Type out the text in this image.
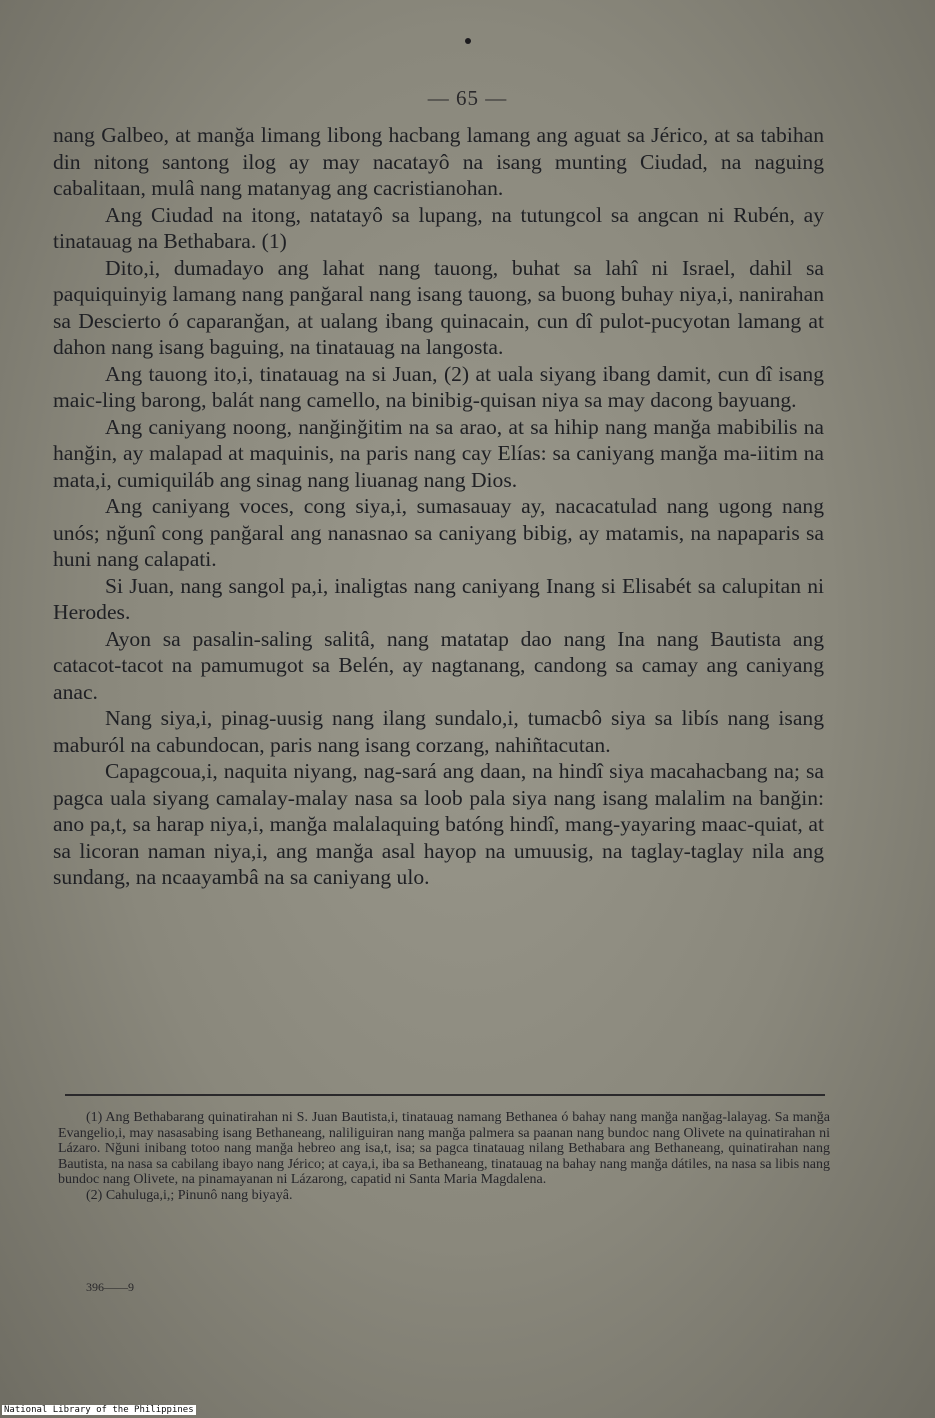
— 65 —

nang Galbeo, at manğa limang libong hacbang lamang ang aguat sa Jérico, at sa tabihan din nitong santong ilog ay may nacatayô na isang munting Ciudad, na naguing cabalitaan, mulâ nang matanyag ang cacristianohan.

Ang Ciudad na itong, natatayô sa lupang, na tutungcol sa angcan ni Rubén, ay tinatauag na Bethabara. (1)

Dito,i, dumadayo ang lahat nang tauong, buhat sa lahî ni Israel, dahil sa paquiquinyig lamang nang panğaral nang isang tauong, sa buong buhay niya,i, nanirahan sa Descierto ó caparanğan, at ualang ibang quinacain, cun dî pulot-pucyotan lamang at dahon nang isang baguing, na tinatauag na langosta.

Ang tauong ito,i, tinatauag na si Juan, (2) at uala siyang ibang damit, cun dî isang maic-ling barong, balát nang camello, na binibig-quisan niya sa may dacong bayuang.

Ang caniyang noong, nanğinğitim na sa arao, at sa hihip nang manğa mabibilis na hanğin, ay malapad at maquinis, na paris nang cay Elías: sa caniyang manğa ma-iitim na mata,i, cumiquiláb ang sinag nang liuanag nang Dios.

Ang caniyang voces, cong siya,i, sumasauay ay, nacacatulad nang ugong nang unós; nğunî cong panğaral ang nanasnao sa caniyang bibig, ay matamis, na napaparis sa huni nang calapati.

Si Juan, nang sangol pa,i, inaligtas nang caniyang Inang si Elisabét sa calupitan ni Herodes.

Ayon sa pasalin-saling salitâ, nang matatap dao nang Ina nang Bautista ang catacot-tacot na pamumugot sa Belén, ay nagtanang, candong sa camay ang caniyang anac.

Nang siya,i, pinag-uusig nang ilang sundalo,i, tumacbô siya sa libís nang isang maburól na cabundocan, paris nang isang corzang, nahiñtacutan.

Capagcoua,i, naquita niyang, nag-sará ang daan, na hindî siya macahacbang na; sa pagca uala siyang camalay-malay nasa sa loob pala siya nang isang malalim na banğin: ano pa,t, sa harap niya,i, manğa malalaquing batóng hindî, mang-yayaring maac-quiat, at sa licoran naman niya,i, ang manğa asal hayop na umuusig, na taglay-taglay nila ang sundang, na ncaayambâ na sa caniyang ulo.

(1) Ang Bethabarang quinatirahan ni S. Juan Bautista,i, tinatauag namang Bethanea ó bahay nang manğa nanğag-lalayag. Sa manğa Evangelio,i, may nasasabing isang Bethaneang, naliliguiran nang manğa palmera sa paanan nang bundoc nang Olivete na quinatirahan ni Lázaro. Nğuni inibang totoo nang manğa hebreo ang isa,t, isa; sa pagca tinatauag nilang Bethabara ang Bethaneang, quinatirahan nang Bautista, na nasa sa cabilang ibayo nang Jérico; at caya,i, iba sa Bethaneang, tinatauag na bahay nang manğa dátiles, na nasa sa libis nang bundoc nang Olivete, na pinamayanan ni Lázarong, capatid ni Santa Maria Magdalena.

(2) Cahuluga,i,; Pinunô nang biyayâ.

396——9
National Library of the Philippines
